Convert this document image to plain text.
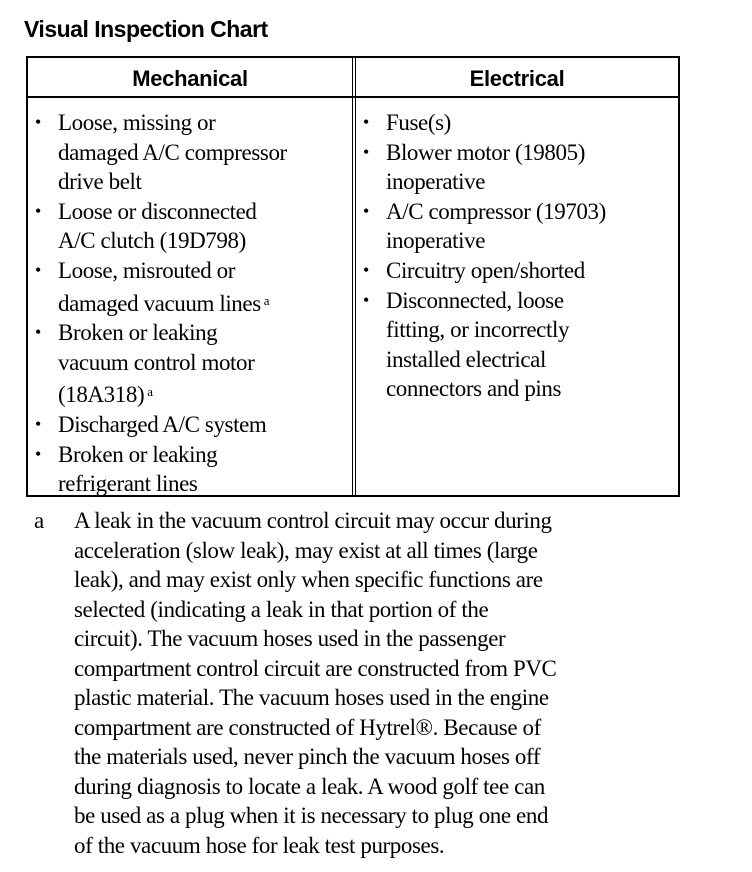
Visual Inspection Chart
Mechanical	Electrical
• Loose, missing or
damaged A/C compressor
drive belt
• Loose or disconnected
A/C clutch (19D798)
• Loose, misrouted or
damaged vacuum lines $^a$
• Broken or leaking
vacuum control motor
(18A318) $^a$
• Discharged A/C system
• Broken or leaking
refrigerant lines
• Fuse(s)
• Blower motor (19805)
inoperative
• A/C compressor (19703)
inoperative
• Circuitry open/shorted
• Disconnected, loose
fitting, or incorrectly
installed electrical
connectors and pins
a A leak in the vacuum control circuit may occur during
acceleration (slow leak), may exist at all times (large
leak), and may exist only when specific functions are
selected (indicating a leak in that portion of the
circuit). The vacuum hoses used in the passenger
compartment control circuit are constructed from PVC
plastic material. The vacuum hoses used in the engine
compartment are constructed of Hytrel®. Because of
the materials used, never pinch the vacuum hoses off
during diagnosis to locate a leak. A wood golf tee can
be used as a plug when it is necessary to plug one end
of the vacuum hose for leak test purposes.
